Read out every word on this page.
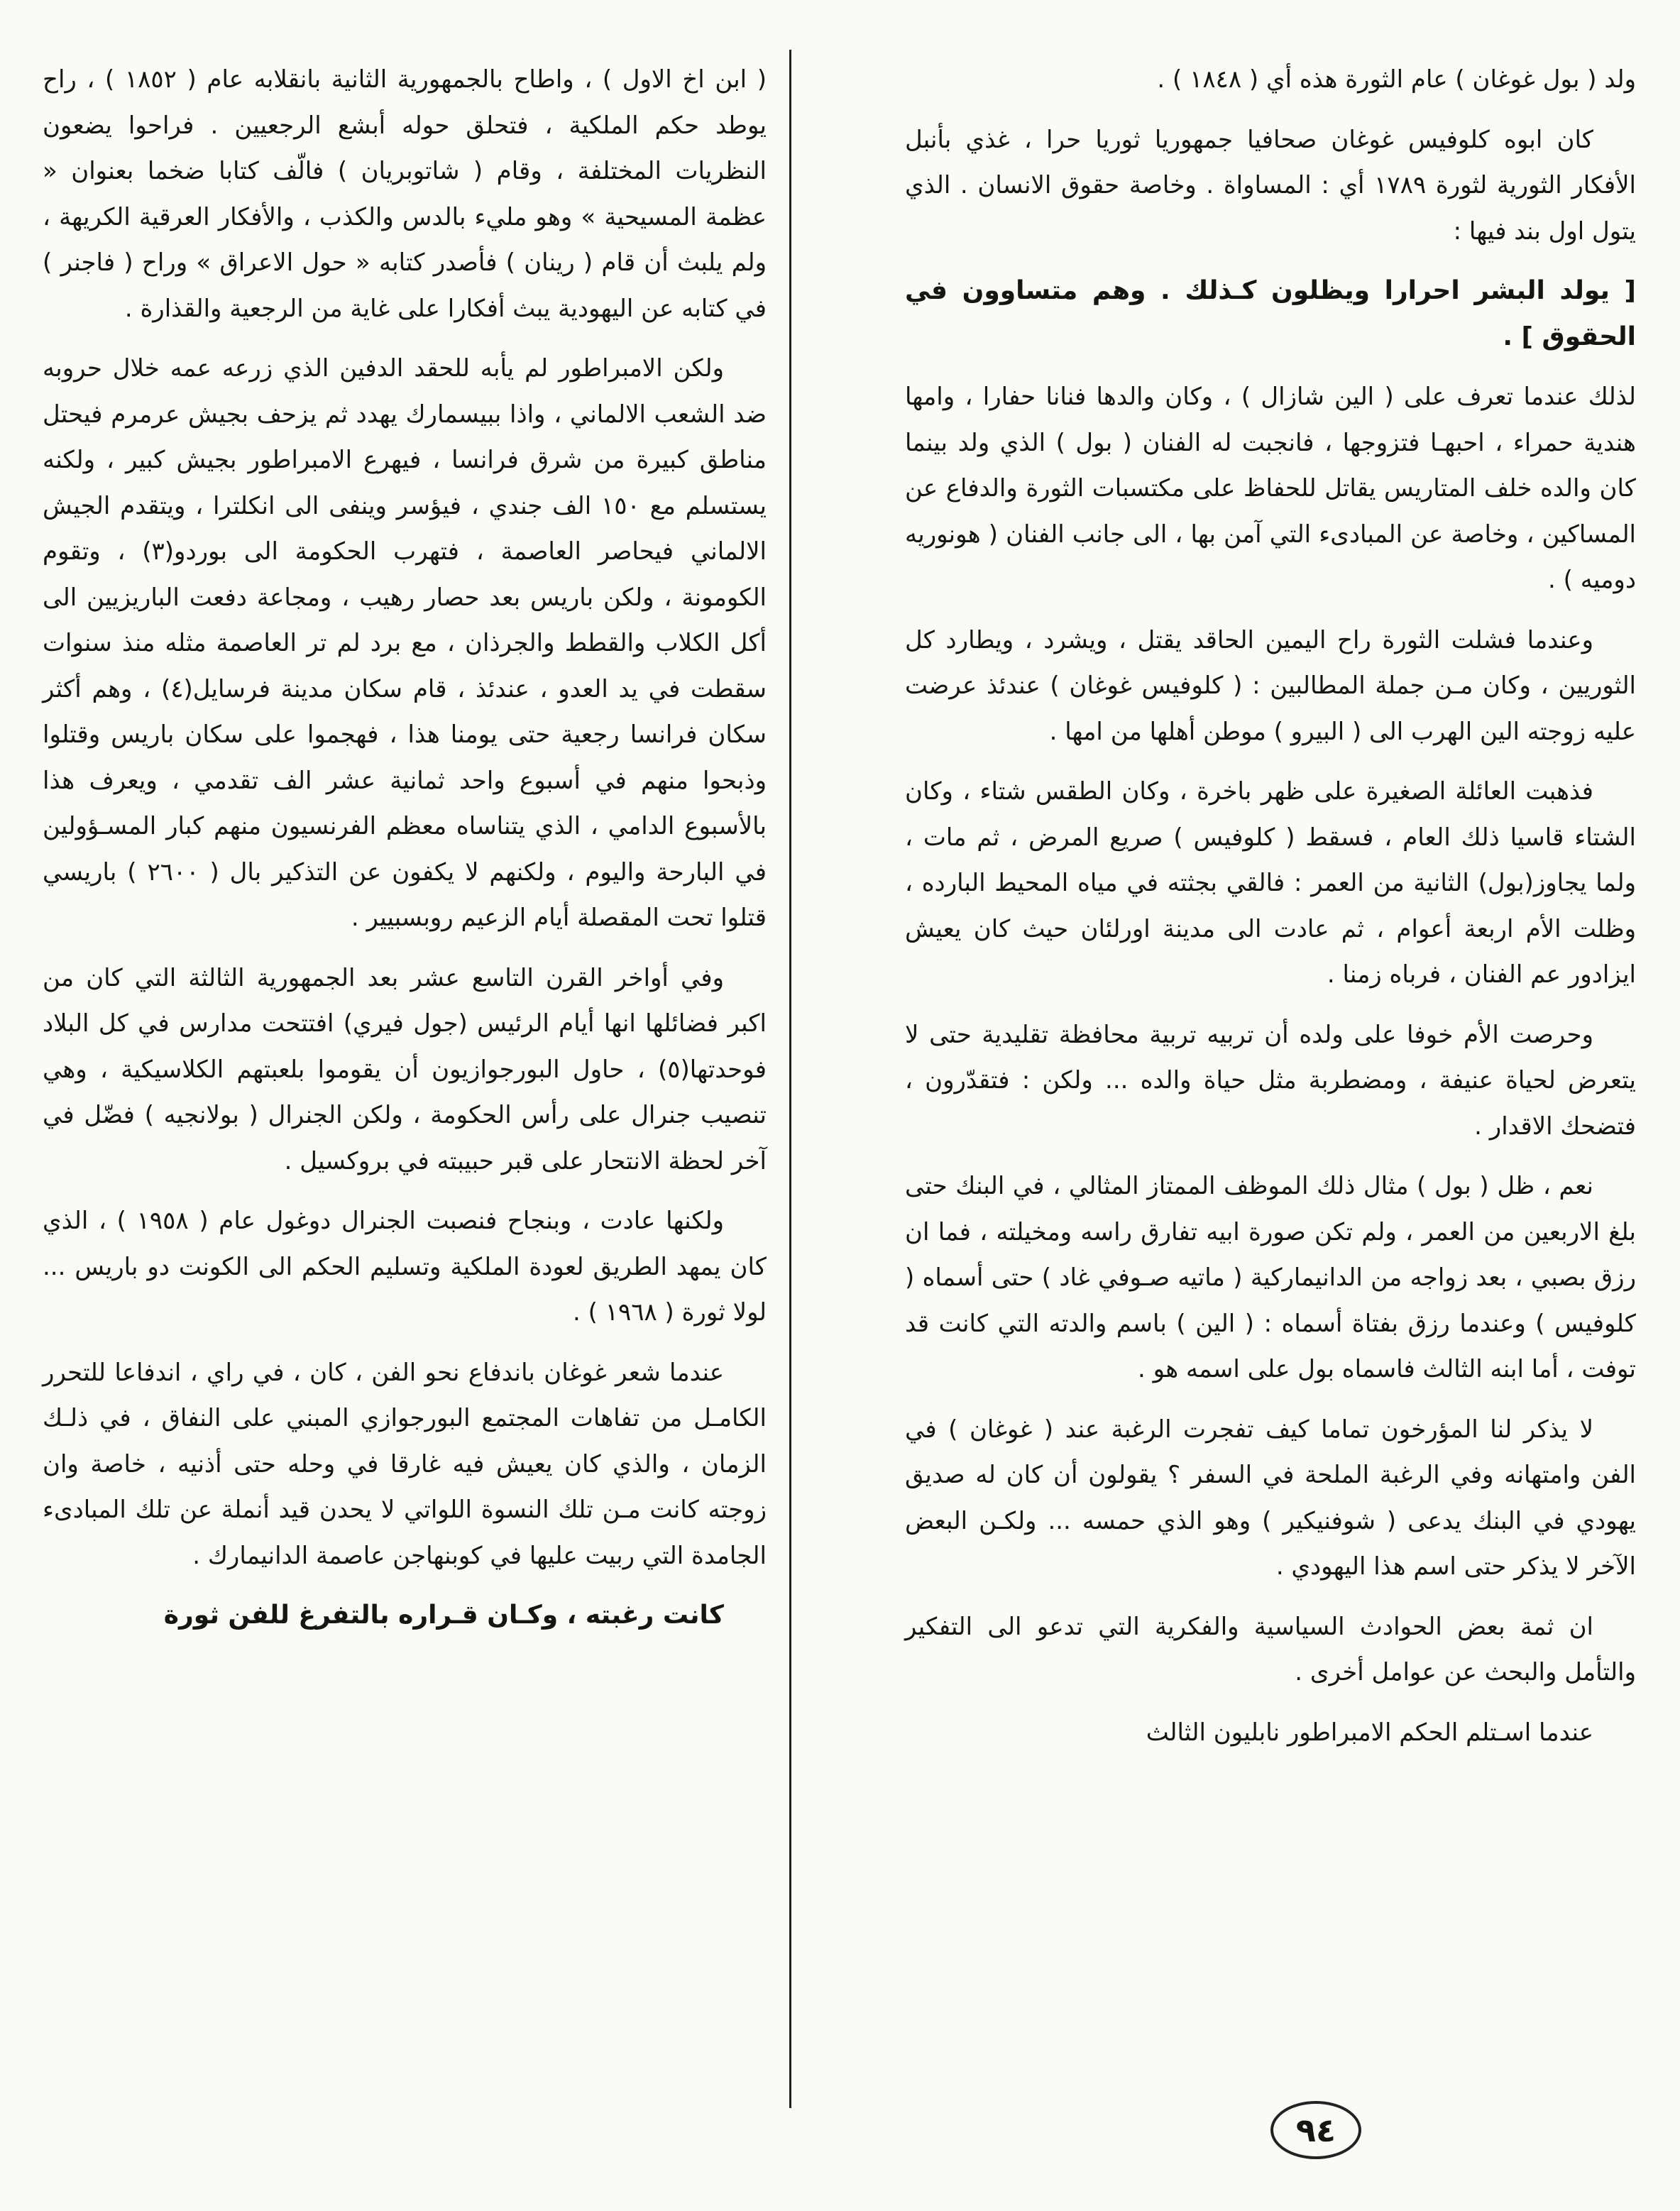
ولد ( بول غوغان ) عام الثورة هذه أي ( ١٨٤٨ ) .

كان ابوه كلوفيس غوغان صحافيا جمهوريا ثوريا حرا ، غذي بأنبل الأفكار الثورية لثورة ١٧٨٩ أي : المساواة . وخاصة حقوق الانسان . الذي يتول اول بند فيها :

[ يولد البشر احرارا ويظلون كـذلك . وهم متساوون في الحقوق ] .

لذلك عندما تعرف على ( الين شازال ) ، وكان والدها فنانا حفارا ، وامها هندية حمراء ، احبهـا فتزوجها ، فانجبت له الفنان ( بول ) الذي ولد بينما كان والده خلف المتاريس يقاتل للحفاظ على مكتسبات الثورة والدفاع عن المساكين ، وخاصة عن المبادىء التي آمن بها ، الى جانب الفنان ( هونوريه دوميه ) .

وعندما فشلت الثورة راح اليمين الحاقد يقتل ، ويشرد ، ويطارد كل الثوريين ، وكان مـن جملة المطالبين : ( كلوفيس غوغان ) عندئذ عرضت عليه زوجته الين الهرب الى ( البيرو ) موطن أهلها من امها .

فذهبت العائلة الصغيرة على ظهر باخرة ، وكان الطقس شتاء ، وكان الشتاء قاسيا ذلك العام ، فسقط ( كلوفيس ) صريع المرض ، ثم مات ، ولما يجاوز(بول) الثانية من العمر : فالقي بجثته في مياه المحيط البارده ، وظلت الأم اربعة أعوام ، ثم عادت الى مدينة اورلئان حيث كان يعيش ايزادور عم الفنان ، فرباه زمنا .

وحرصت الأم خوفا على ولده أن تربيه تربية محافظة تقليدية حتى لا يتعرض لحياة عنيفة ، ومضطربة مثل حياة والده ... ولكن : فتقدّرون ، فتضحك الاقدار .

نعم ، ظل ( بول ) مثال ذلك الموظف الممتاز المثالي ، في البنك حتى بلغ الاربعين من العمر ، ولم تكن صورة ابيه تفارق راسه ومخيلته ، فما ان رزق بصبي ، بعد زواجه من الدانيماركية ( ماتيه صـوفي غاد ) حتى أسماه ( كلوفيس ) وعندما رزق بفتاة أسماه : ( الين ) باسم والدته التي كانت قد توفت ، أما ابنه الثالث فاسماه بول على اسمه هو .

لا يذكر لنا المؤرخون تماما كيف تفجرت الرغبة عند ( غوغان ) في الفن وامتهانه وفي الرغبة الملحة في السفر ؟ يقولون أن كان له صديق يهودي في البنك يدعى ( شوفنيكير ) وهو الذي حمسه ... ولكـن البعض الآخر لا يذكر حتى اسم هذا اليهودي .

ان ثمة بعض الحوادث السياسية والفكرية التي تدعو الى التفكير والتأمل والبحث عن عوامل أخرى .

عندما اسـتلم الحكم الامبراطور نابليون الثالث

( ابن اخ الاول ) ، واطاح بالجمهورية الثانية بانقلابه عام ( ١٨٥٢ ) ، راح يوطد حكم الملكية ، فتحلق حوله أبشع الرجعيين . فراحوا يضعون النظريات المختلفة ، وقام ( شاتوبريان ) فالّف كتابا ضخما بعنوان « عظمة المسيحية » وهو مليء بالدس والكذب ، والأفكار العرقية الكريهة ، ولم يلبث أن قام ( رينان ) فأصدر كتابه « حول الاعراق » وراح ( فاجنر ) في كتابه عن اليهودية يبث أفكارا على غاية من الرجعية والقذارة .

ولكن الامبراطور لم يأبه للحقد الدفين الذي زرعه عمه خلال حروبه ضد الشعب الالماني ، واذا ببيسمارك يهدد ثم يزحف بجيش عرمرم فيحتل مناطق كبيرة من شرق فرانسا ، فيهرع الامبراطور بجيش كبير ، ولكنه يستسلم مع ١٥٠ الف جندي ، فيؤسر وينفى الى انكلترا ، ويتقدم الجيش الالماني فيحاصر العاصمة ، فتهرب الحكومة الى بوردو(٣) ، وتقوم الكومونة ، ولكن باريس بعد حصار رهيب ، ومجاعة دفعت الباريزيين الى أكل الكلاب والقطط والجرذان ، مع برد لم تر العاصمة مثله منذ سنوات سقطت في يد العدو ، عندئذ ، قام سكان مدينة فرسايل(٤) ، وهم أكثر سكان فرانسا رجعية حتى يومنا هذا ، فهجموا على سكان باريس وقتلوا وذبحوا منهم في أسبوع واحد ثمانية عشر الف تقدمي ، ويعرف هذا بالأسبوع الدامي ، الذي يتناساه معظم الفرنسيون منهم كبار المسـؤولين في البارحة واليوم ، ولكنهم لا يكفون عن التذكير بال ( ٢٦٠٠ ) باريسي قتلوا تحت المقصلة أيام الزعيم روبسبيير .

وفي أواخر القرن التاسع عشر بعد الجمهورية الثالثة التي كان من اكبر فضائلها انها أيام الرئيس (جول فيري) افتتحت مدارس في كل البلاد فوحدتها(٥) ، حاول البورجوازيون أن يقوموا بلعبتهم الكلاسيكية ، وهي تنصيب جنرال على رأس الحكومة ، ولكن الجنرال ( بولانجيه ) فضّل في آخر لحظة الانتحار على قبر حبيبته في بروكسيل .

ولكنها عادت ، وبنجاح فنصبت الجنرال دوغول عام ( ١٩٥٨ ) ، الذي كان يمهد الطريق لعودة الملكية وتسليم الحكم الى الكونت دو باريس ... لولا ثورة ( ١٩٦٨ ) .

عندما شعر غوغان باندفاع نحو الفن ، كان ، في راي ، اندفاعا للتحرر الكامـل من تفاهات المجتمع البورجوازي المبني على النفاق ، في ذلـك الزمان ، والذي كان يعيش فيه غارقا في وحله حتى أذنيه ، خاصة وان زوجته كانت مـن تلك النسوة اللواتي لا يحدن قيد أنملة عن تلك المبادىء الجامدة التي ربيت عليها في كوبنهاجن عاصمة الدانيمارك .

كانت رغبته ، وكـان قـراره بالتفرغ للفن ثورة

٩٤
